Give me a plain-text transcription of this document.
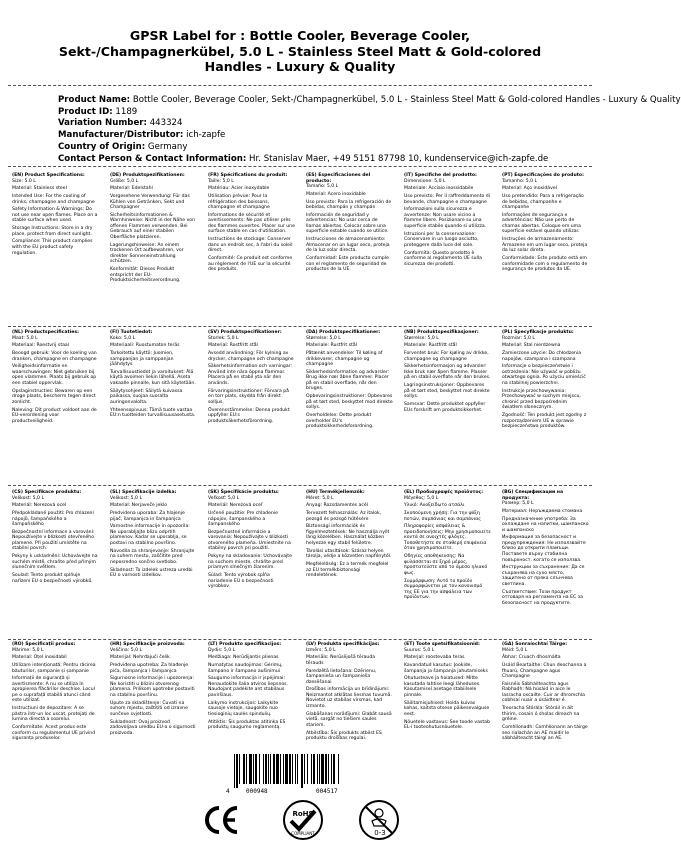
GPSR Label for : Bottle Cooler, Beverage Cooler, Sekt-/Champagnerkübel, 5.0 L - Stainless Steel Matt & Gold-colored Handles - Luxury & Quality
Product Name: Bottle Cooler, Beverage Cooler, Sekt-/Champagnerkübel, 5.0 L - Stainless Steel Matt & Gold-colored Handles - Luxury & Quality
Product ID: 1189
Variation Number: 443324
Manufacturer/Distributor: ich-zapfe
Country of Origin: Germany
Contact Person & Contact Information: Hr. Stanislav Maer, +49 5151 87798 10, kundenservice@ich-zapfe.de
(EN) Product Specifications:

Size: 5.0 L

Material: Stainless steel

Intended Use: For the cooling of drinks, champagne and champagne

Safety Information & Warnings: Do not use near open flames. Place on a stable surface when used.

Storage Instructions: Store in a dry place, protect from direct sunlight.

Compliance: This product complies with the EU product safety regulation.

(DE) Produktspezifikationen:

Größe: 5,0 L

Material: Edelstahl

Vorgesehene Verwendung: Für das Kühlen von Getränken, Sekt und Champagner

Sicherheitsinformationen & Warnhinweise: Nicht in der Nähe von offenen Flammen verwenden. Bei Gebrauch auf einer stabilen Oberfläche platzieren.

Lagerungshinweise: An einem trockenen Ort aufbewahren, vor direkter Sonneneinstrahlung schützen.

Konformität: Dieses Produkt entspricht der EU-Produktsicherheitsverordnung.

(FR) Spécifications du produit:

Taille: 5,0 L

Matériau: Acier inoxydable

Utilisation prévue: Pour la réfrigération des boissons, champagne et champagne

Informations de sécurité et avertissements: Ne pas utiliser près des flammes ouvertes. Placer sur une surface stable en cas d'utilisation.

Instructions de stockage: Conserver dans un endroit sec, à l'abri du soleil direct.

Conformité: Ce produit est conforme au règlement de l'UE sur la sécurité des produits.

(ES) Especificaciones del producto:

Tamaño: 5,0 L

Material: Acero inoxidable

Uso previsto: Para la refrigeración de bebidas, champán y champán

Información de seguridad y advertencias: No usar cerca de llamas abiertas. Colocar sobre una superficie estable cuando se utilice.

Instrucciones de almacenamiento: Almacenar en un lugar seco, proteja de la luz solar directa.

Conformidad: Este producto cumple con el reglamento de seguridad de productos de la UE.

(IT) Specifiche del prodotto:

Dimensione: 5,0 L

Materiale: Acciaio inossidabile

Uso previsto: Per il raffreddamento di bevande, champagne e champagne

Informazioni sulla sicurezza e avvertenze: Non usare vicino a fiamme libere. Posizionare su una superficie stabile quando si utilizza.

Istruzioni per la conservazione: Conservare in un luogo asciutto, proteggere dalla luce del sole.

Conformità: Questo prodotto è conforme al regolamento UE sulla sicurezza dei prodotti.

(PT) Especificações do produto:

Tamanho: 5,0 L

Material: Aço inoxidável

Uso pretendido: Para a refrigeração de bebidas, champanhe e champanhe

Informações de segurança e advertências: Não use perto de chamas abertas. Coloque em uma superfície estável quando utilizar.

Instruções de armazenamento: Armazene em um lugar seco, proteja da luz solar direta.

Conformidade: Este produto está em conformidade com o regulamento de segurança de produtos da UE.

(NL) Productspecificaties:

Maat: 5,0 L

Materiaal: Roestvrij staal

Beoogd gebruik: Voor de koeling van dranken, champagne en champagne

Veiligheidsinformatie en waarschuwingen: Niet gebruiken bij open vlammen. Plaats bij gebruik op een stabiel oppervlak.

Opslaginstructies: Bewaren op een droge plaats, bescherm tegen direct zonlicht.

Naleving: Dit product voldoet aan de EU-verordening voor productveiligheid.

(FI) Tuotetiedot:

Koko: 5,0 L

Materiaali: Ruostumaton teräs

Tarkoitettu käyttö: Juomien, samppanjan ja samppanjan jäähdytys

Turvallisuustiedot ja varoitukset: Älä käytä avoimen liekin lähellä. Aseta vakaalle pinnalle, kun sitä käytetään.

Säilytysohjeet: Säilytä kuivassa paikassa, suojaa suoralta auringonvalolta.

Yhteensopivuus: Tämä tuote vastaa EU:n tuotteiden turvallisuusasetusta.

(SV) Produktspecifikationer:

Storlek: 5,0 L

Material: Rostfritt stål

Avsedd användning: För kylning av drycker, champagne och champagne

Säkerhetsinformation och varningar: Använd inte nära öppna flammor. Placera på en stabil yta när den används.

Förvaringsinstruktioner: Förvara på en torr plats, skydda från direkt solljus.

Överensstämmelse: Denna produkt uppfyller EU:s produktsäkerhetsförordning.

(DA) Produktspecifikationer:

Størrelse: 5,0 L

Materiale: Rustfrit stål

Påtænkt anvendelse: Til køling af drikkevarer, champagne og champagne

Sikkerhedsinformation og advarsler: Brug ikke nær åbne flammer. Placer på en stabil overflade, når den bruges.

Opbevaringsinstruktioner: Opbevares på et tørt sted, beskyttet mod direkte sollys.

Overholdelse: Dette produkt overholder EU's produktsikkerhedsforordning.

(NB) Produktspesifikasjoner:

Størrelse: 5,0 L

Materiale: Rustfritt stål

Forventet bruk: For kjøling av drikke, champagne og champagne

Sikkerhetsinformasjon og advarsler: Ikke bruk nær åpen flamme. Plasser på en stabil overflate når den brukes.

Lagringsinstruksjoner: Oppbevares på et tørt sted, beskyttet mot direkte sollys.

Samsvar: Dette produktet oppfyller EUs forskrift om produktsikkerhet.

(PL) Specyfikacje produktu:

Rozmiar: 5,0 L

Materiał: Stal nierdzewna

Zamierzone użycie: Do chłodzenia napojów, szampana i szampana

Informacje o bezpieczeństwie i ostrzeżenia: Nie używać w pobliżu otwartego ognia. Po użyciu umieścić na stabilnej powierzchni.

Instrukcje przechowywania: Przechowywać w suchym miejscu, chronić przed bezpośrednim światłem słonecznym.

Zgodność: Ten produkt jest zgodny z rozporządzeniem UE w sprawie bezpieczeństwa produktów.

(CS) Specifikace produktu:

Velikost: 5,0 L

Materiál: Nerezová ocel

Předpokládané použití: Pro chlazení nápojů, šampaňského a šampaňského

Bezpečnostní informace a varování: Nepoužívejte v blízkosti otevřeného plamene. Při použití umístěte na stabilní povrch.

Pokyny k uskladnění: Uchovávejte na suchém místě, chraňte před přímým slunečním světlem.

Soulad: Tento produkt splňuje nařízení EU o bezpečnosti výrobků.

(SL) Specifikacije izdelka:

Velikost: 5,0 L

Material: Nerjaveče jeklo

Predvidena uporaba: Za hlajenje pijač, šampanjca in šampanjca

Varnostne informacije in opozorila: Ne uporabljajte blizu odprtih plamenov. Kadar se uporablja, se postavi na stabilno površino.

Navodila za shranjevanje: Shranjujte na suhem mestu, zaščitite pred neposredno sončno svetlobo.

Skladnost: Ta izdelek ustreza uredbi EU o varnosti izdelkov.

(SK) Špecifikácie produktu:

Veľkosť: 5,0 L

Materiál: Nerezová oceľ

Určené použitie: Pre chladenie nápojov, šampanského a šampanského

Bezpečnostné informácie a varovania: Nepoužívajte v blízkosti otvoreného plameňa. Umiestnite na stabilný povrch pri použití.

Pokyny na skladovanie: Uchovávajte na suchom mieste, chráňte pred priamym slnečným žiarením.

Súlad: Tento výrobok spĺňa nariadenie EÚ o bezpečnosti výrobkov.

(HU) Termékjellemzők:

Méret: 5,0 L

Anyag: Rozsdamentes acél

Tervezett felhasználás: Az italok, pezsgő és pezsgő hűtésére

Biztonsági információk és figyelmeztetések: Ne használja nyílt láng közelében. Használat közben helyezze egy stabil felületre.

Tárolási utasítások: Száraz helyen tárolja, védje a közvetlen napfénytől.

Megfelelőség: Ez a termék megfelel az EU termékbiztonsági rendeletének.

(EL) Προδιαγραφές προϊόντος:

Μέγεθος: 5,0 L

Υλικό: Ανοξείδωτο ατσάλι

Σκοπούμενη χρήση: Για την ψύξη ποτών, σαμπάνιας και σαμπάνιας

Πληροφορίες ασφάλειας & προειδοποιήσεις: Μην χρησιμοποιείτε κοντά σε ανοιχτές φλόγες. Τοποθετήστε σε σταθερή επιφάνεια όταν χρησιμοποιείτε.

Οδηγίες αποθήκευσης: Να φυλάσσεται σε ξηρό μέρος, προστατεύστε από το άμεσο ηλιακό φως.

Συμμόρφωση: Αυτό το προϊόν συμμορφώνεται με τον κανονισμό της ΕΕ για την ασφάλεια των προϊόντων.

(BG) Спецификации на продукта:

Размер: 5,0 L

Материал: Неръждаема стомана

Предназначение употреба: За охлаждане на напитки, шампанско и шампанско

Информация за безопасност и предупреждения: Не използвайте близо до открити пламъци. Поставете върху стабилна повърхност, когато се използва.

Инструкции за съхранение: Да се съхранява на сухо място, защитено от пряка слънчева светлина.

Съответствие: Този продукт отговаря на регламента на ЕС за безопасност на продуктите.

(RO) Specificații produs:

Mărime: 5,0 L

Material: Oțel inoxidabil

Utilizare intenționată: Pentru răcirea băuturilor, șampanie și șampanie

Informații de siguranță și avertismente: A nu se utiliza în apropierea flăcărilor deschise. Locul pe o suprafață stabilă atunci când este utilizat.

Instrucțiuni de depozitare: A se păstra într-un loc uscat, protejați de lumina directă a soarelui.

Conformitate: Acest produs este conform cu regulamentul UE privind siguranța produselor.

(HR) Specifikacije proizvoda:

Veličina: 5,0 L

Materijal: Nehrđajući čelik

Predviđena upotreba: Za hlađenje pića, šampanjca i šampanjca

Sigurnosne informacije i upozorenja: Ne koristiti u blizini otvorenog plamena. Prilikom upotrebe postaviti na stabilnu površinu.

Upute za skladištenje: Čuvati na suhom mjestu, zaštititi od izravne sunčeve svjetlosti.

Sukladnost: Ovaj proizvod zadovoljava uredbu EU-a o sigurnosti proizvoda.

(LT) Produkto specifikacijos:

Dydis: 5,0 L

Medžiaga: Nerūdijantis plienas

Numatytas naudojimas: Gėrimų, šampano ir šampano aušinimui

Saugumo informacija ir įspėjimai: Nenaudokite šalia atviros liepsnos. Naudojant padėkite ant stabilaus paviršiaus.

Laikymo instrukcijos: Laikykite sausoje vietoje, saugokite nuo tiesioginių saulės spindulių.

Atitiktis: Šis produktas atitinka ES produktų saugumo reglamentą.

(LV) Produkta specifikācijas:

Izmērs: 5,0 L

Materiāls: Nerūsējošā tērauda tērauds

Paredzētā lietošana: Dzērienu, šampanieša un šampanieša dzesēšanai

Drošības informācija un brīdinājumi: Neizmantot atklātas liesmas tuvumā. Novietot uz stabilas virsmas, kad izmanto.

Glabāšanas norādījumi: Glabāt sausā vietā, sargāt no tiešiem saules stariem.

Atbilstība: Šis produkts atbilst ES produktu drošības regulai.

(ET) Toote spetsifikatsioonid:

Suurus: 5,0 L

Materjal: roostevaba teras

Kavandatud kasutus: Jookide, šampanja ja šampanja jahutamiseks

Ohutusteave ja hoiatused: Mitte kasutada lahtise leegi läheduses. Kasutamisel asetage stabiilsele pinnale.

Säilitamisjuhised: Hoida kuivas kohas, kaitsta otsese päikesevalguse eest.

Nõuetele vastavus: See toode vastab EL-i tooteohutusnõuetele.

(GA) Sonraíochtaí Táirge:

Méid: 5,0 L

Ábhar: Cruach dhosmálta

Úsáid Beartaithe: Chun deochanna a fhuarú, Champagne agus Champagne

Faisnéis Sábháilteachta agus Rabhadh: Ná húsáid in aice le lasracha oscailte. Cuir ar dhromchla cobhsaí nuair a úsáidtear é.

Treoracha Stórála: Stóráil in áit thirim, cosain ó sholas díreach na gréine.

Comhlíonadh: Comhlíonann an táirge seo rialachán an AE maidir le sábháilteacht táirgí an AE.

4	000948	004517
RoHS
COMPLIANT	0-3
